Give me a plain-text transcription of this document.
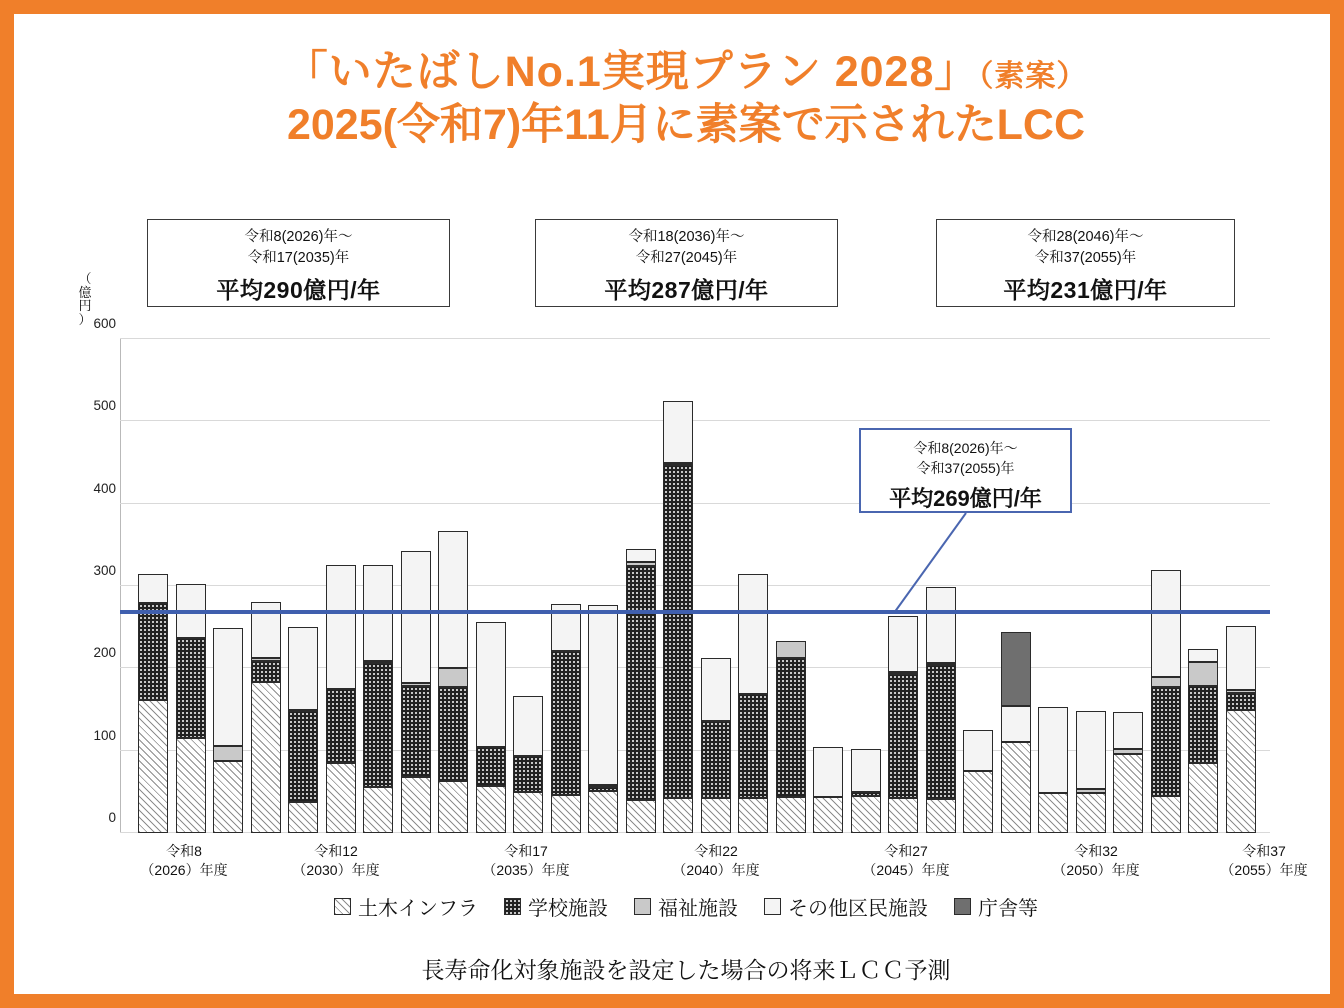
「いたばしNo.1実現プラン 2028」（素案）
2025(令和7)年11月に素案で示されたLCC
令和8(2026)年～
令和17(2035)年
平均290億円/年
令和18(2036)年～
令和27(2045)年
平均287億円/年
令和28(2046)年～
令和37(2055)年
平均231億円/年
令和8(2026)年～
令和37(2055)年
平均269億円/年
（
億
円
）
0
100
200
300
400
500
600
令和8
（2026）年度
令和12
（2030）年度
令和17
（2035）年度
令和22
（2040）年度
令和27
（2045）年度
令和32
（2050）年度
令和37
（2055）年度
土木インフラ	学校施設	福祉施設	その他区民施設	庁舎等
長寿命化対象施設を設定した場合の将来ＬＣＣ予測
